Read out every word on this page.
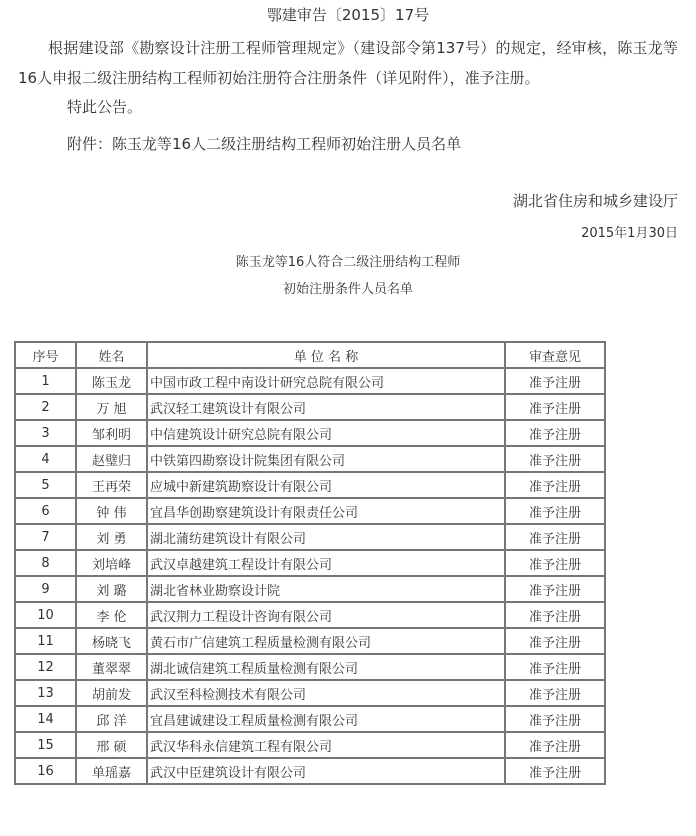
鄂建审告〔2015〕17号
根据建设部《勘察设计注册工程师管理规定》（建设部令第137号）的规定，经审核，陈玉龙等16人申报二级注册结构工程师初始注册符合注册条件（详见附件），准予注册。
特此公告。
附件：陈玉龙等16人二级注册结构工程师初始注册人员名单
湖北省住房和城乡建设厅
2015年1月30日
陈玉龙等16人符合二级注册结构工程师
初始注册条件人员名单
序号	姓名	单 位 名 称	审查意见
1	陈玉龙	中国市政工程中南设计研究总院有限公司	准予注册
2	万 旭	武汉轻工建筑设计有限公司	准予注册
3	邹利明	中信建筑设计研究总院有限公司	准予注册
4	赵璧归	中铁第四勘察设计院集团有限公司	准予注册
5	王再荣	应城中新建筑勘察设计有限公司	准予注册
6	钟 伟	宜昌华创勘察建筑设计有限责任公司	准予注册
7	刘 勇	湖北蒲纺建筑设计有限公司	准予注册
8	刘培峰	武汉卓越建筑工程设计有限公司	准予注册
9	刘 璐	湖北省林业勘察设计院	准予注册
10	李 伦	武汉荆力工程设计咨询有限公司	准予注册
11	杨晓飞	黄石市广信建筑工程质量检测有限公司	准予注册
12	董翠翠	湖北诚信建筑工程质量检测有限公司	准予注册
13	胡前发	武汉至科检测技术有限公司	准予注册
14	邱 洋	宜昌建诚建设工程质量检测有限公司	准予注册
15	邢 硕	武汉华科永信建筑工程有限公司	准予注册
16	单瑶嘉	武汉中臣建筑设计有限公司	准予注册
